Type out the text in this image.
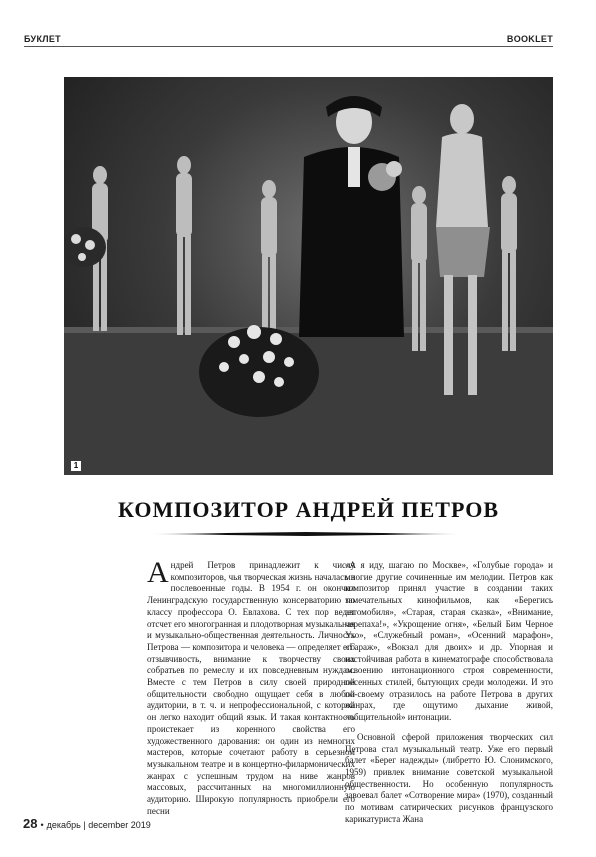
БУКЛЕТ	BOOKLET
1
КОМПОЗИТОР АНДРЕЙ ПЕТРОВ

Андрей Петров принадлежит к числу композиторов, чья творческая жизнь началась в послевоенные годы. В 1954 г. он окончил Ленинградскую государственную консерваторию по классу профессора О. Евлахова. С тех пор ведет отсчет его многогранная и плодотворная музыкальная и музыкально-общественная деятельность. Личность Петрова — композитора и человека — определяет его отзывчивость, внимание к творчеству своих собратьев по ремеслу и их повседневным нуждам. Вместе с тем Петров в силу своей природной общительности свободно ощущает себя в любой аудитории, в т. ч. и непрофессиональной, с которой он легко находит общий язык. И такая контактность проистекает из коренного свойства его художественного дарования: он один из немногих мастеров, которые сочетают работу в серьезном музыкальном театре и в концертно-филармонических жанрах с успешным трудом на ниве жанров массовых, рассчитанных на многомиллионную аудиторию. Широкую популярность приобрели его песни

«А я иду, шагаю по Москве», «Голубые города» и многие другие сочиненные им мелодии. Петров как композитор принял участие в создании таких замечательных кинофильмов, как «Берегись автомобиля», «Старая, старая сказка», «Внимание, черепаха!», «Укрощение огня», «Белый Бим Черное Ухо», «Служебный роман», «Осенний марафон», «Гараж», «Вокзал для двоих» и др. Упорная и настойчивая работа в кинематографе способствовала освоению интонационного строя современности, песенных стилей, бытующих среди молодежи. И это по-своему отразилось на работе Петрова в других жанрах, где ощутимо дыхание живой, «общительной» интонации.

Основной сферой приложения творческих сил Петрова стал музыкальный театр. Уже его первый балет «Берег надежды» (либретто Ю. Слонимского, 1959) привлек внимание советской музыкальной общественности. Но особенную популярность завоевал балет «Сотворение мира» (1970), созданный по мотивам сатирических рисунков французского карикатуриста Жана

28 • декабрь | december 2019
